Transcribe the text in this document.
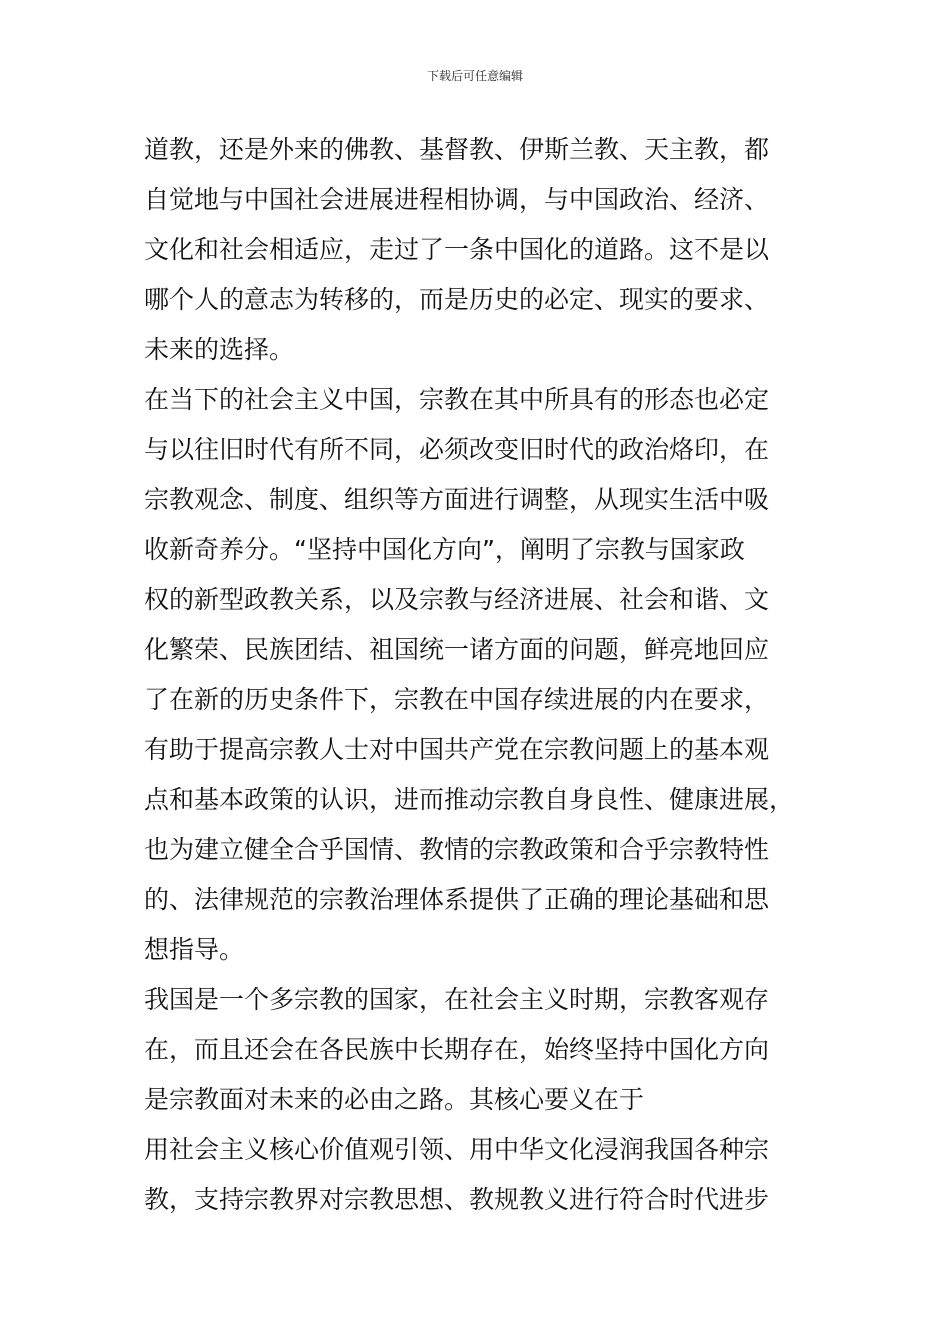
下载后可任意编辑
道教，还是外来的佛教、基督教、伊斯兰教、天主教，都
自觉地与中国社会进展进程相协调，与中国政治、经济、
文化和社会相适应，走过了一条中国化的道路。这不是以
哪个人的意志为转移的，而是历史的必定、现实的要求、
未来的选择。
在当下的社会主义中国，宗教在其中所具有的形态也必定
与以往旧时代有所不同，必须改变旧时代的政治烙印，在
宗教观念、制度、组织等方面进行调整，从现实生活中吸
收新奇养分。“坚持中国化方向”，阐明了宗教与国家政
权的新型政教关系，以及宗教与经济进展、社会和谐、文
化繁荣、民族团结、祖国统一诸方面的问题，鲜亮地回应
了在新的历史条件下，宗教在中国存续进展的内在要求，
有助于提高宗教人士对中国共产党在宗教问题上的基本观
点和基本政策的认识，进而推动宗教自身良性、健康进展，
也为建立健全合乎国情、教情的宗教政策和合乎宗教特性
的、法律规范的宗教治理体系提供了正确的理论基础和思
想指导。
我国是一个多宗教的国家，在社会主义时期，宗教客观存
在，而且还会在各民族中长期存在，始终坚持中国化方向
是宗教面对未来的必由之路。其核心要义在于
用社会主义核心价值观引领、用中华文化浸润我国各种宗
教，支持宗教界对宗教思想、教规教义进行符合时代进步
